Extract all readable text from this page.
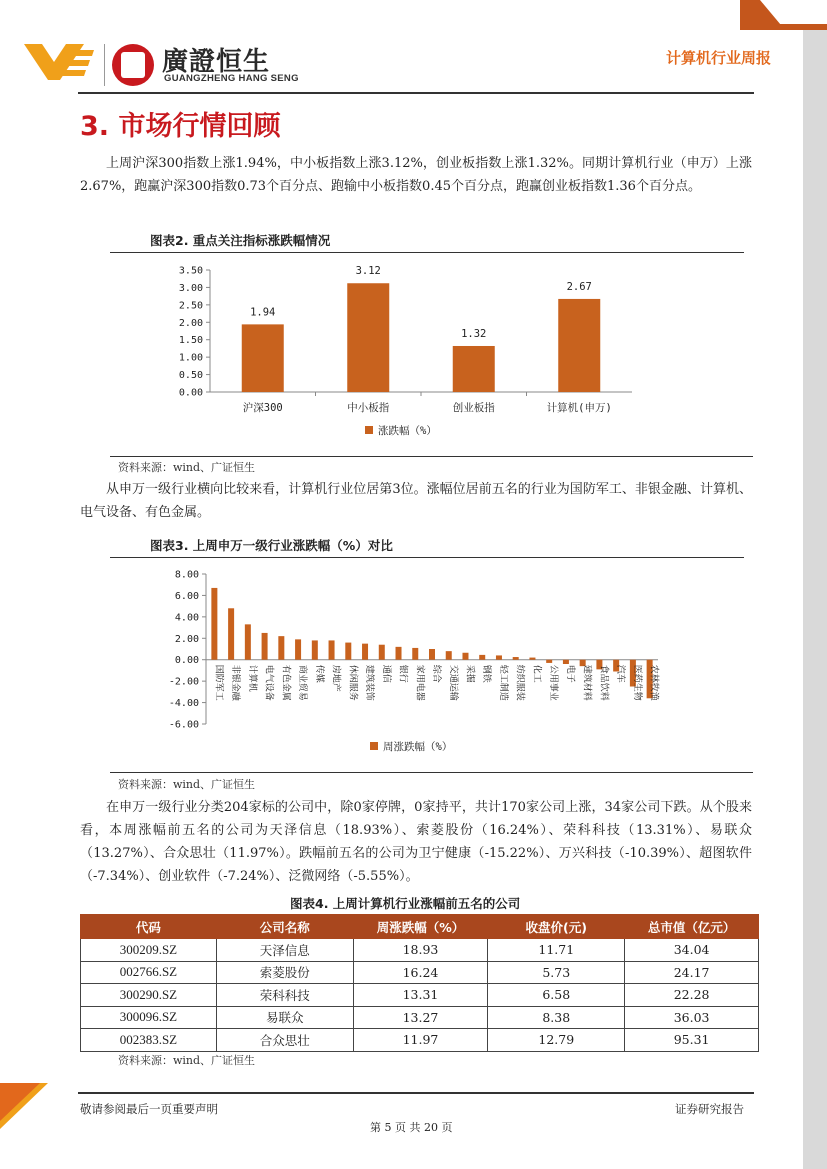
廣證恒生
GUANGZHENG HANG SENG
计算机行业周报
3. 市场行情回顾

上周沪深300指数上涨1.94%，中小板指数上涨3.12%，创业板指数上涨1.32%。同期计算机行业（申万）上涨2.67%，跑赢沪深300指数0.73个百分点、跑输中小板指数0.45个百分点，跑赢创业板指数1.36个百分点。

图表2. 重点关注指标涨跌幅情况
0.00
0.50
1.00
1.50
2.00
2.50
3.00
3.50
1.94
3.12
1.32
2.67
沪深300	中小板指	创业板指	计算机(申万)
涨跌幅（%）
资料来源：wind、广证恒生

从申万一级行业横向比较来看，计算机行业位居第3位。涨幅位居前五名的行业为国防军工、非银金融、计算机、电气设备、有色金属。

图表3. 上周申万一级行业涨跌幅（%）对比
8.00
6.00
4.00
2.00
0.00
-2.00
-4.00
-6.00
国防军工 非银金融 计算机 电气设备 有色金属 商业贸易 传媒 房地产 休闲服务 建筑装饰 通信 银行 家用电器 综合 交通运输 采掘 钢铁 轻工制造 纺织服装 化工 公用事业 电子 建筑材料 食品饮料 汽车 医药生物 农林牧渔
周涨跌幅（%）
资料来源：wind、广证恒生

在申万一级行业分类204家标的公司中，除0家停牌，0家持平，共计170家公司上涨，34家公司下跌。从个股来看，本周涨幅前五名的公司为天泽信息（18.93%）、索菱股份（16.24%）、荣科科技（13.31%）、易联众（13.27%）、合众思壮（11.97%）。跌幅前五名的公司为卫宁健康（-15.22%）、万兴科技（-10.39%）、超图软件（-7.34%）、创业软件（-7.24%）、泛微网络（-5.55%）。

图表4. 上周计算机行业涨幅前五名的公司
代码	公司名称	周涨跌幅（%）	收盘价(元)	总市值（亿元）
300209.SZ	天泽信息	18.93	11.71	34.04
002766.SZ	索菱股份	16.24	5.73	24.17
300290.SZ	荣科科技	13.31	6.58	22.28
300096.SZ	易联众	13.27	8.38	36.03
002383.SZ	合众思壮	11.97	12.79	95.31
资料来源：wind、广证恒生
敬请参阅最后一页重要声明	证券研究报告
第 5 页 共 20 页
